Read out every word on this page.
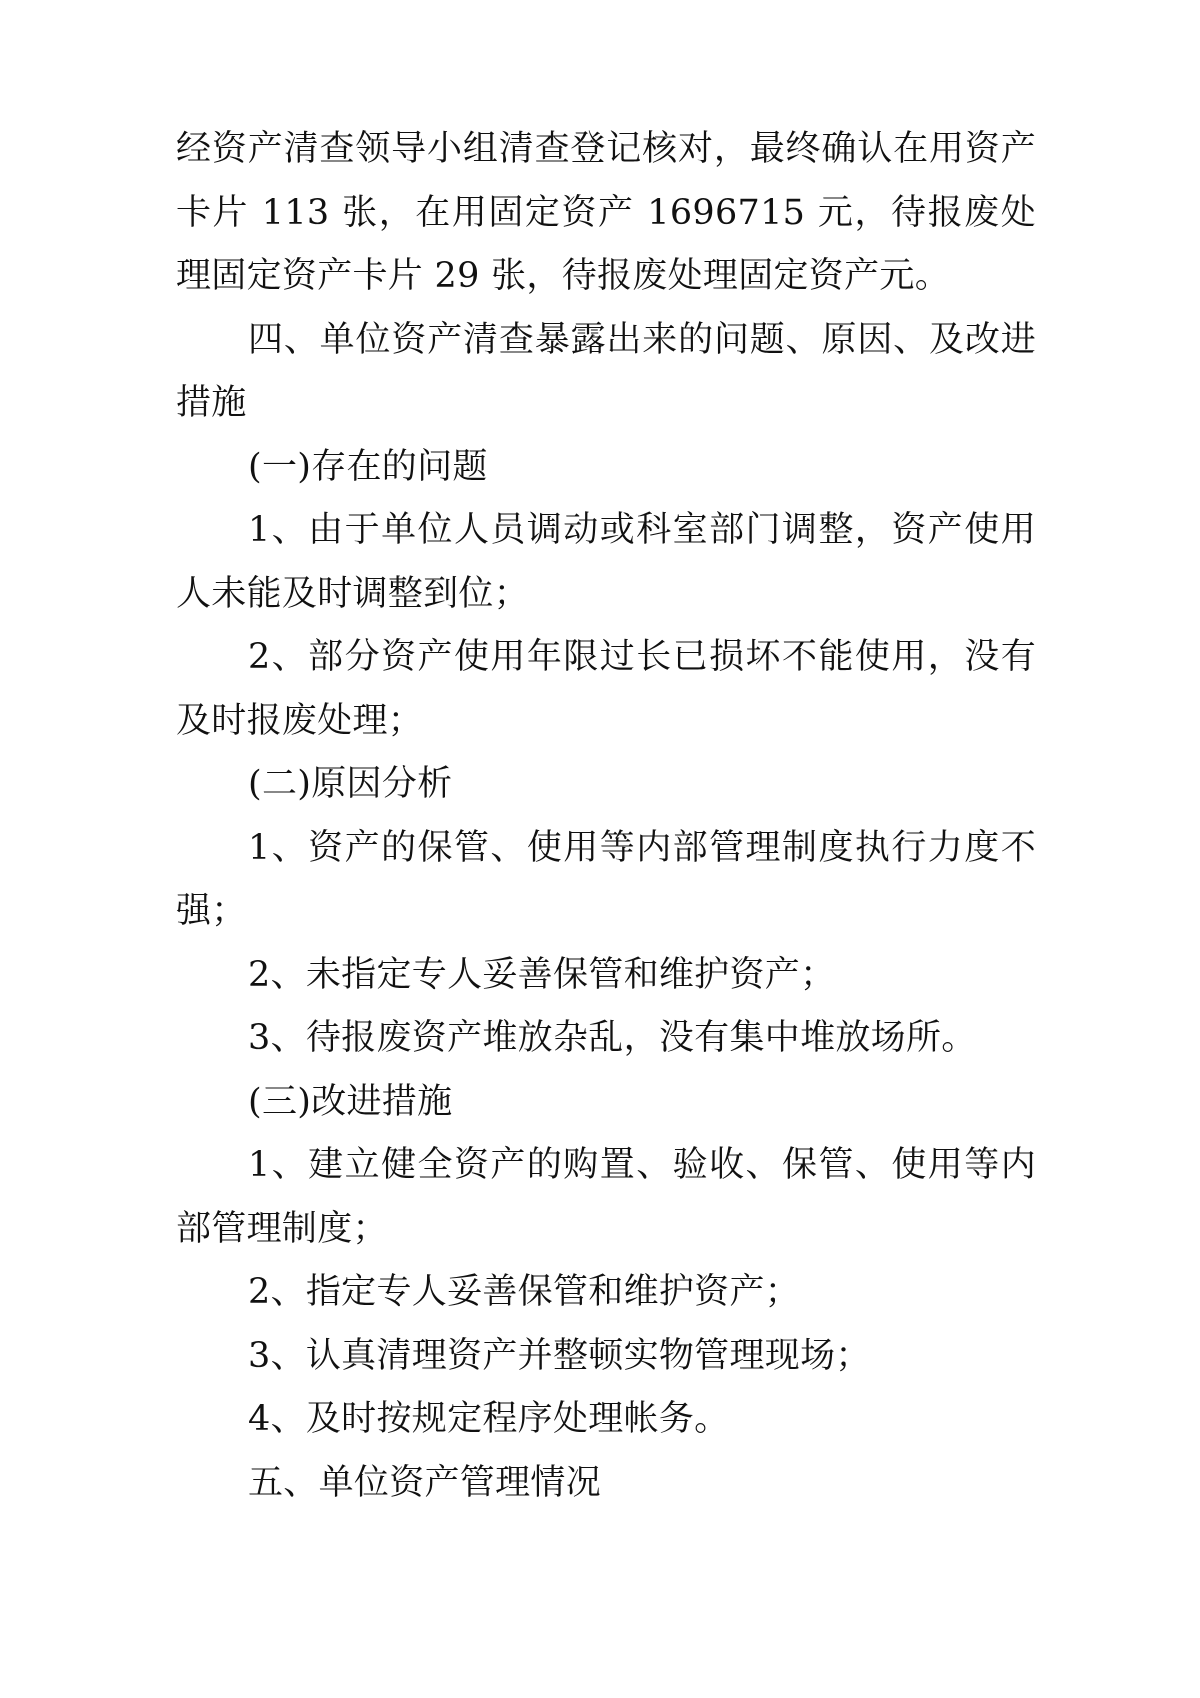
经资产清查领导小组清查登记核对，最终确认在用资产卡片 113 张，在用固定资产 1696715 元，待报废处理固定资产卡片 29 张，待报废处理固定资产元。

四、单位资产清查暴露出来的问题、原因、及改进措施

(一)存在的问题

1、由于单位人员调动或科室部门调整，资产使用人未能及时调整到位；

2、部分资产使用年限过长已损坏不能使用，没有及时报废处理；

(二)原因分析

1、资产的保管、使用等内部管理制度执行力度不强；

2、未指定专人妥善保管和维护资产；

3、待报废资产堆放杂乱，没有集中堆放场所。

(三)改进措施

1、建立健全资产的购置、验收、保管、使用等内部管理制度；

2、指定专人妥善保管和维护资产；

3、认真清理资产并整顿实物管理现场；

4、及时按规定程序处理帐务。

五、单位资产管理情况
